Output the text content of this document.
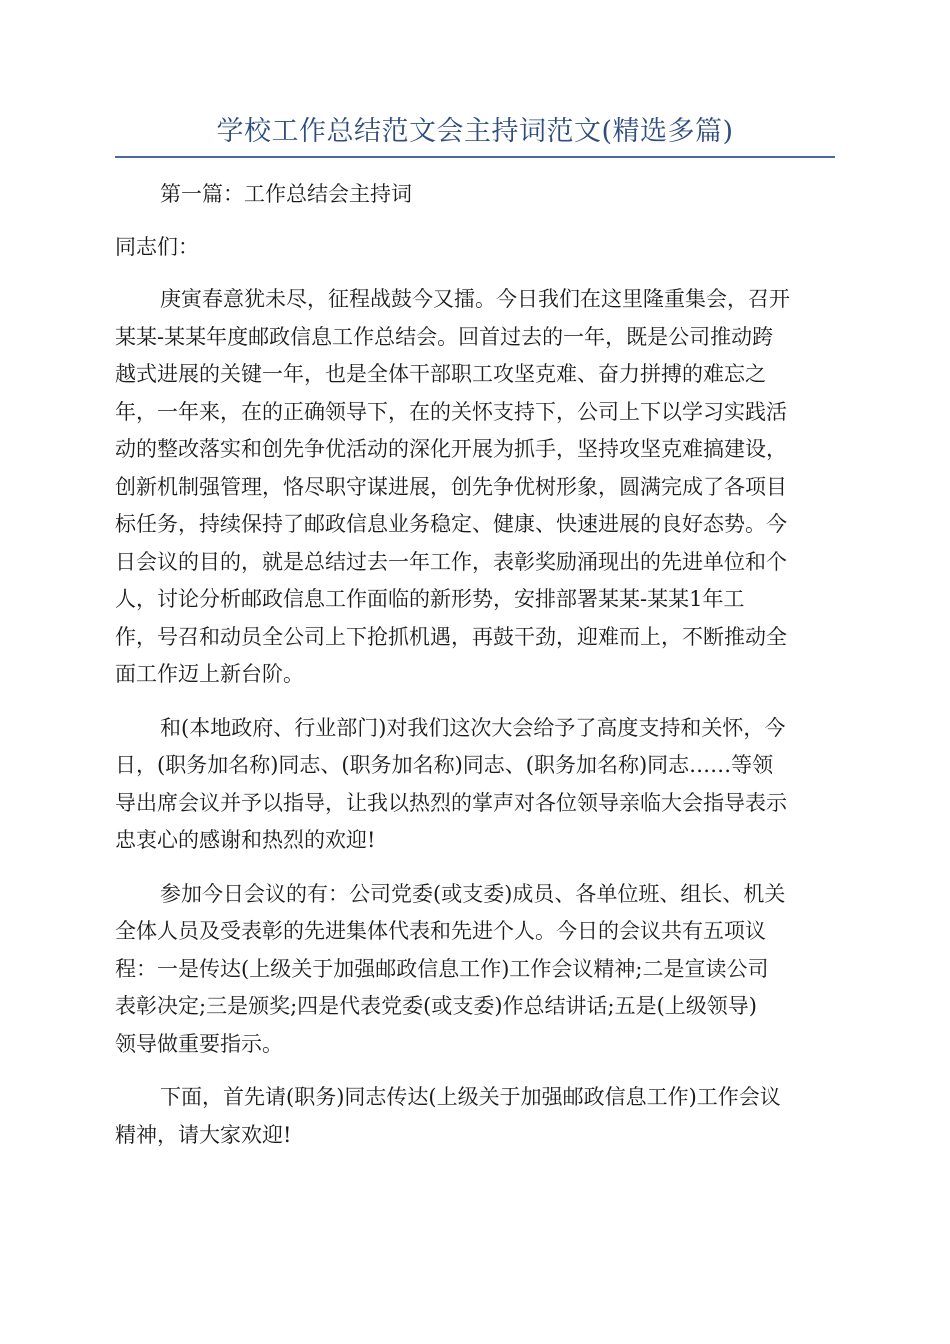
学校工作总结范文会主持词范文(精选多篇)

第一篇：工作总结会主持词

同志们：

庚寅春意犹未尽，征程战鼓今又擂。今日我们在这里隆重集会，召开

某某-某某年度邮政信息工作总结会。回首过去的一年，既是公司推动跨

越式进展的关键一年，也是全体干部职工攻坚克难、奋力拼搏的难忘之

年，一年来，在的正确领导下，在的关怀支持下，公司上下以学习实践活

动的整改落实和创先争优活动的深化开展为抓手，坚持攻坚克难搞建设，

创新机制强管理，恪尽职守谋进展，创先争优树形象，圆满完成了各项目

标任务，持续保持了邮政信息业务稳定、健康、快速进展的良好态势。今

日会议的目的，就是总结过去一年工作，表彰奖励涌现出的先进单位和个

人，讨论分析邮政信息工作面临的新形势，安排部署某某-某某1年工

作，号召和动员全公司上下抢抓机遇，再鼓干劲，迎难而上，不断推动全

面工作迈上新台阶。

和(本地政府、行业部门)对我们这次大会给予了高度支持和关怀，今

日，(职务加名称)同志、(职务加名称)同志、(职务加名称)同志……等领

导出席会议并予以指导，让我以热烈的掌声对各位领导亲临大会指导表示

忠衷心的感谢和热烈的欢迎!

参加今日会议的有：公司党委(或支委)成员、各单位班、组长、机关

全体人员及受表彰的先进集体代表和先进个人。今日的会议共有五项议

程：一是传达(上级关于加强邮政信息工作)工作会议精神;二是宣读公司

表彰决定;三是颁奖;四是代表党委(或支委)作总结讲话;五是(上级领导)

领导做重要指示。

下面，首先请(职务)同志传达(上级关于加强邮政信息工作)工作会议

精神，请大家欢迎!
